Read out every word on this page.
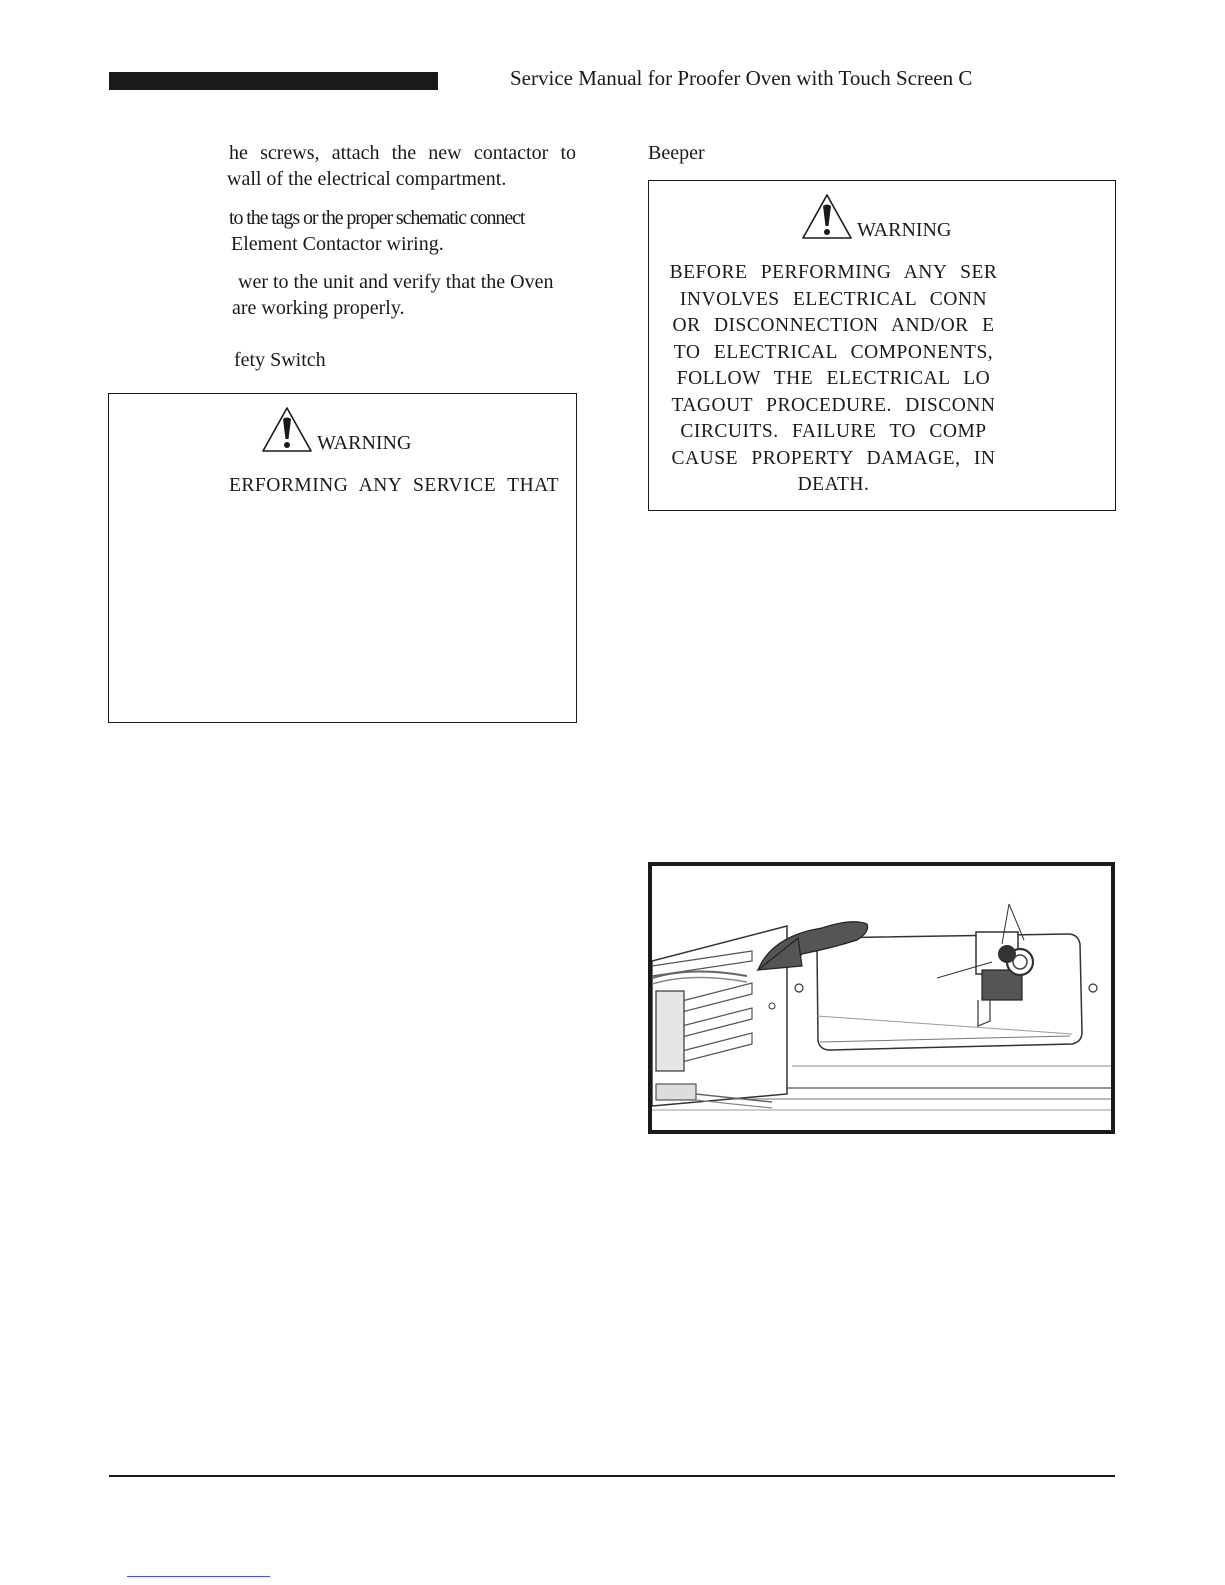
Service Manual for Proofer Oven with Touch Screen C
he screws, attach the new contactor to
wall of the electrical compartment.
to the tags or the proper schematic connect
Element Contactor wiring.
wer to the unit and verify that the Oven
are working properly.
fety Switch
WARNING
ERFORMING ANY SERVICE THAT
Beeper
WARNING
BEFORE PERFORMING ANY SER
INVOLVES ELECTRICAL CONN
OR DISCONNECTION AND/OR E
TO ELECTRICAL COMPONENTS,
FOLLOW THE ELECTRICAL LO
TAGOUT PROCEDURE. DISCONN
CIRCUITS. FAILURE TO COMP
CAUSE PROPERTY DAMAGE, IN
DEATH.
